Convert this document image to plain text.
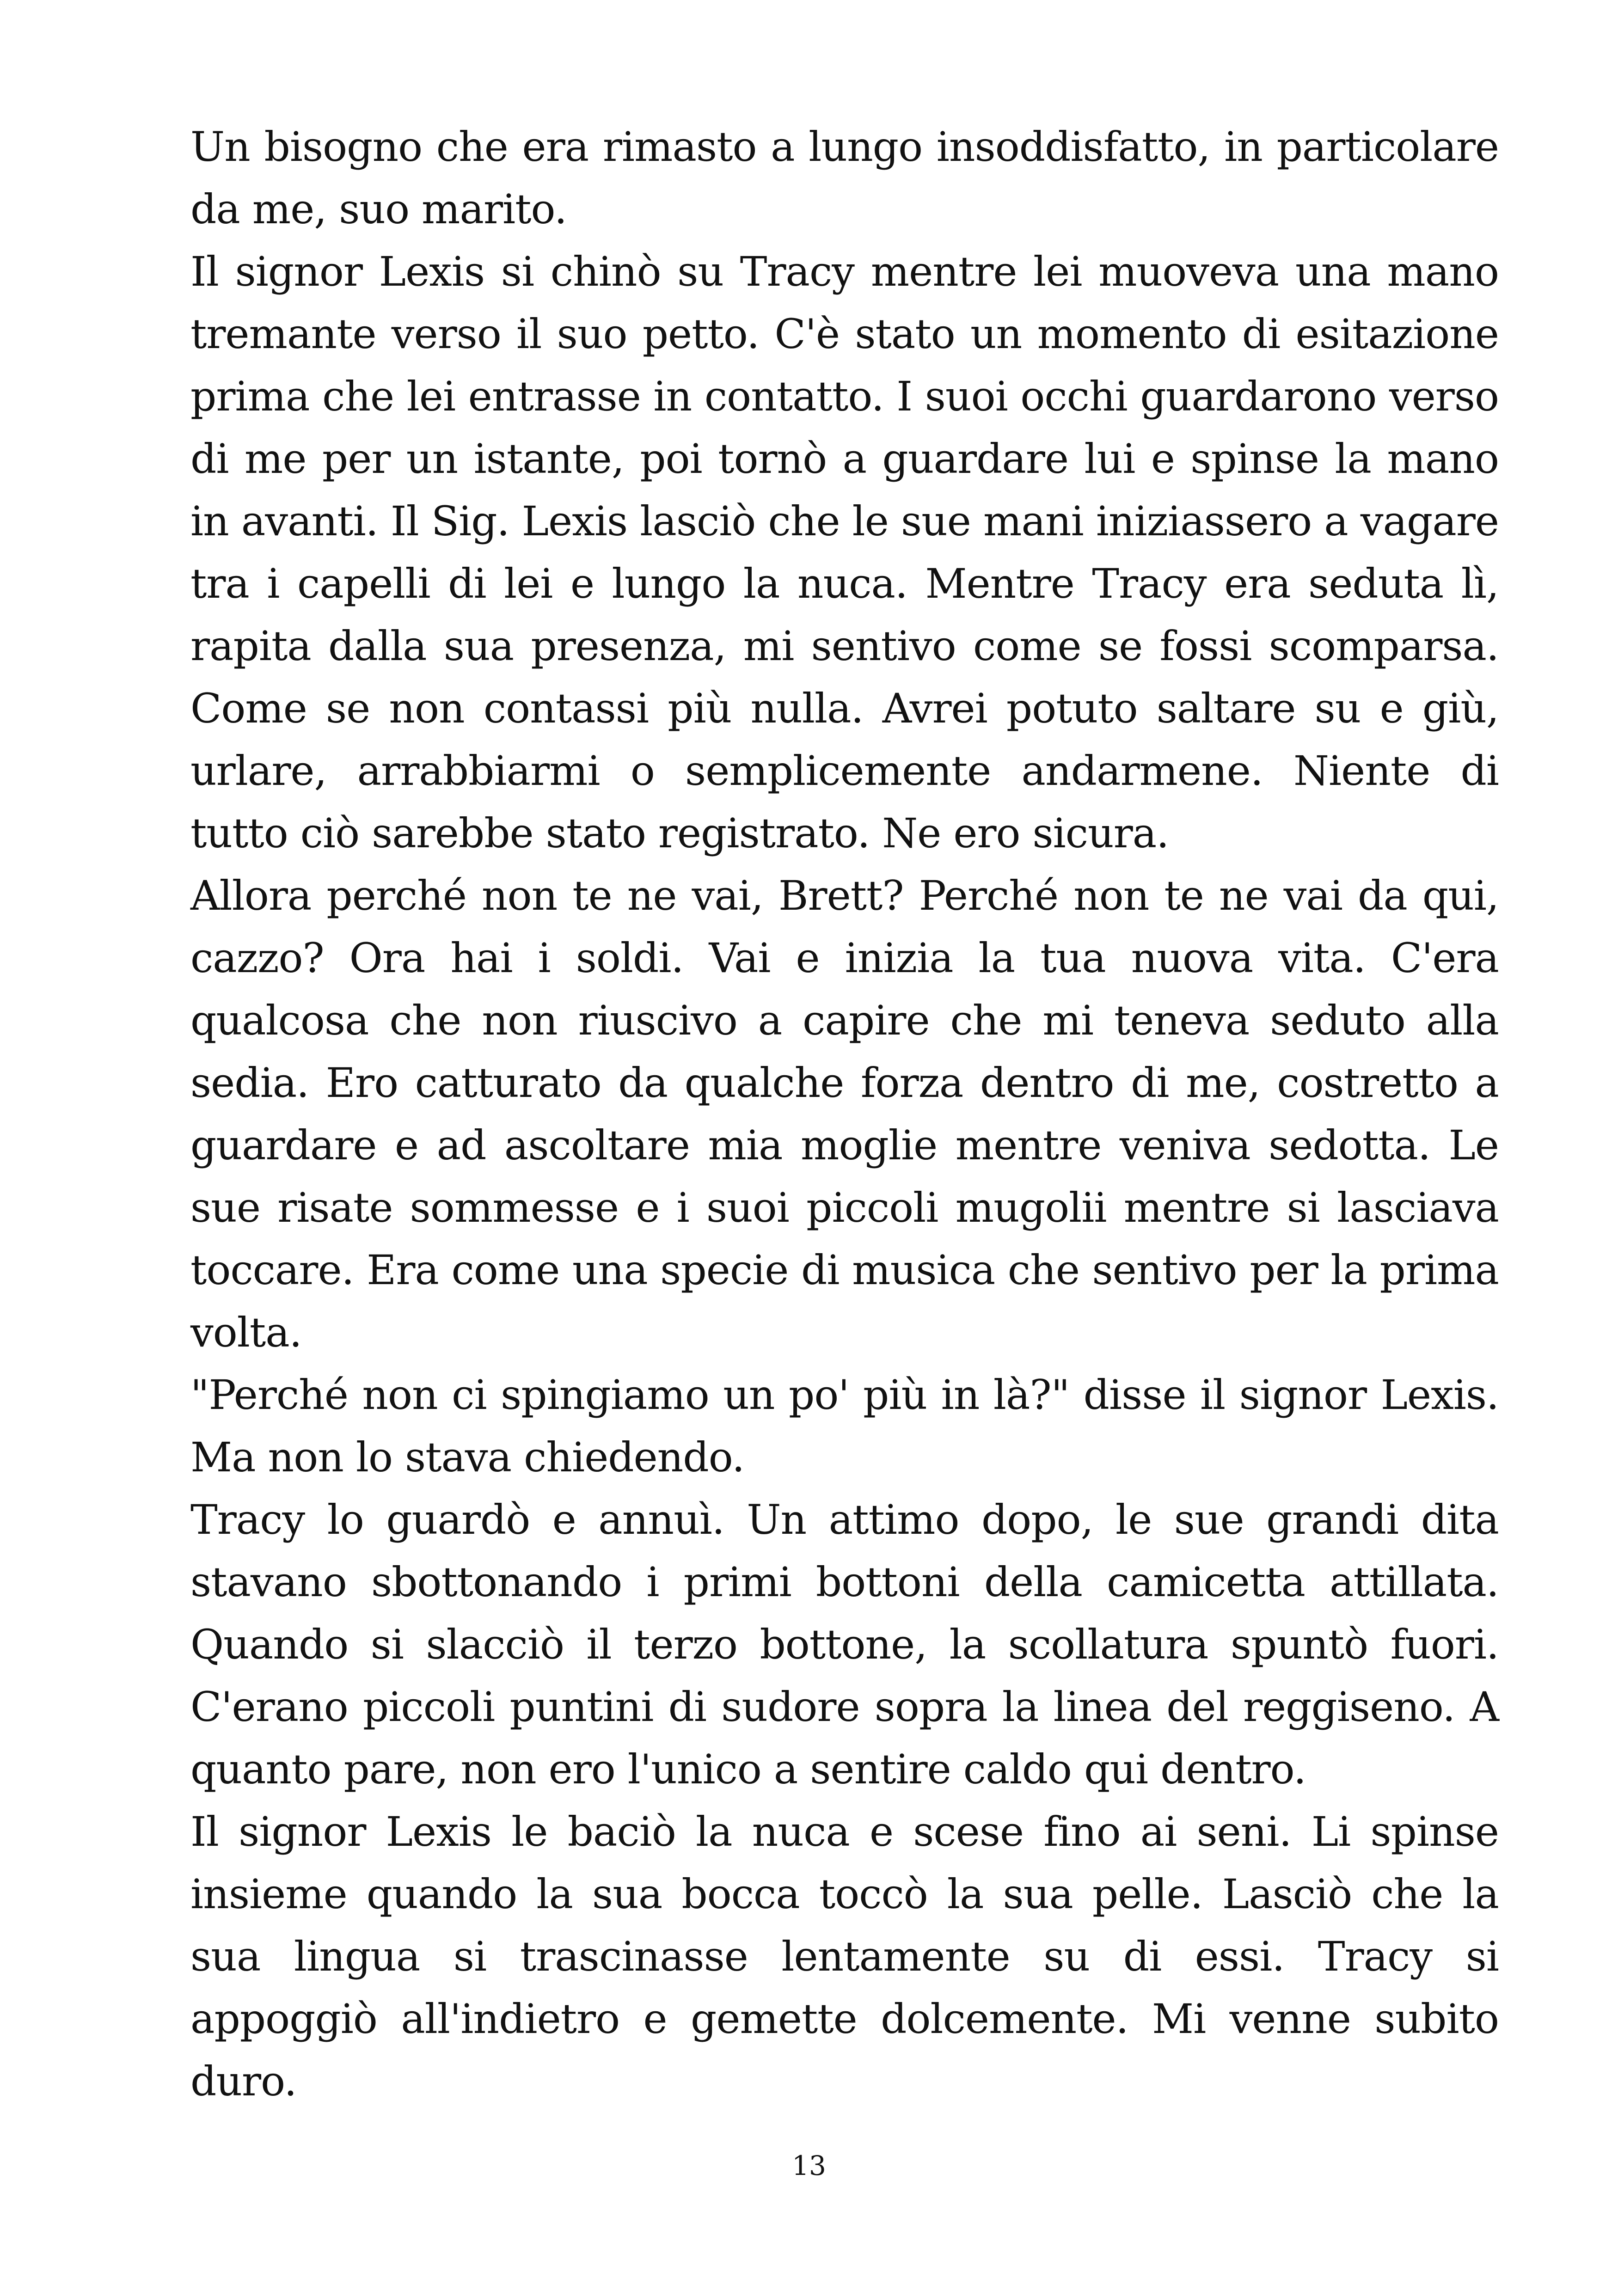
Un bisogno che era rimasto a lungo insoddisfatto, in particolare da me, suo marito.

Il signor Lexis si chinò su Tracy mentre lei muoveva una mano tremante verso il suo petto. C'è stato un momento di esitazione prima che lei entrasse in contatto. I suoi occhi guardarono verso di me per un istante, poi tornò a guardare lui e spinse la mano in avanti. Il Sig. Lexis lasciò che le sue mani iniziassero a vagare tra i capelli di lei e lungo la nuca. Mentre Tracy era seduta lì, rapita dalla sua presenza, mi sentivo come se fossi scomparsa. Come se non contassi più nulla. Avrei potuto saltare su e giù, urlare, arrabbiarmi o semplicemente andarmene. Niente di tutto ciò sarebbe stato registrato. Ne ero sicura.

Allora perché non te ne vai, Brett? Perché non te ne vai da qui, cazzo? Ora hai i soldi. Vai e inizia la tua nuova vita. C'era qualcosa che non riuscivo a capire che mi teneva seduto alla sedia. Ero catturato da qualche forza dentro di me, costretto a guardare e ad ascoltare mia moglie mentre veniva sedotta. Le sue risate sommesse e i suoi piccoli mugolii mentre si lasciava toccare. Era come una specie di musica che sentivo per la prima volta.

"Perché non ci spingiamo un po' più in là?" disse il signor Lexis. Ma non lo stava chiedendo.

Tracy lo guardò e annuì. Un attimo dopo, le sue grandi dita stavano sbottonando i primi bottoni della camicetta attillata. Quando si slacciò il terzo bottone, la scollatura spuntò fuori. C'erano piccoli puntini di sudore sopra la linea del reggiseno. A quanto pare, non ero l'unico a sentire caldo qui dentro.

Il signor Lexis le baciò la nuca e scese fino ai seni. Li spinse insieme quando la sua bocca toccò la sua pelle. Lasciò che la sua lingua si trascinasse lentamente su di essi. Tracy si appoggiò all'indietro e gemette dolcemente. Mi venne subito duro.

13
